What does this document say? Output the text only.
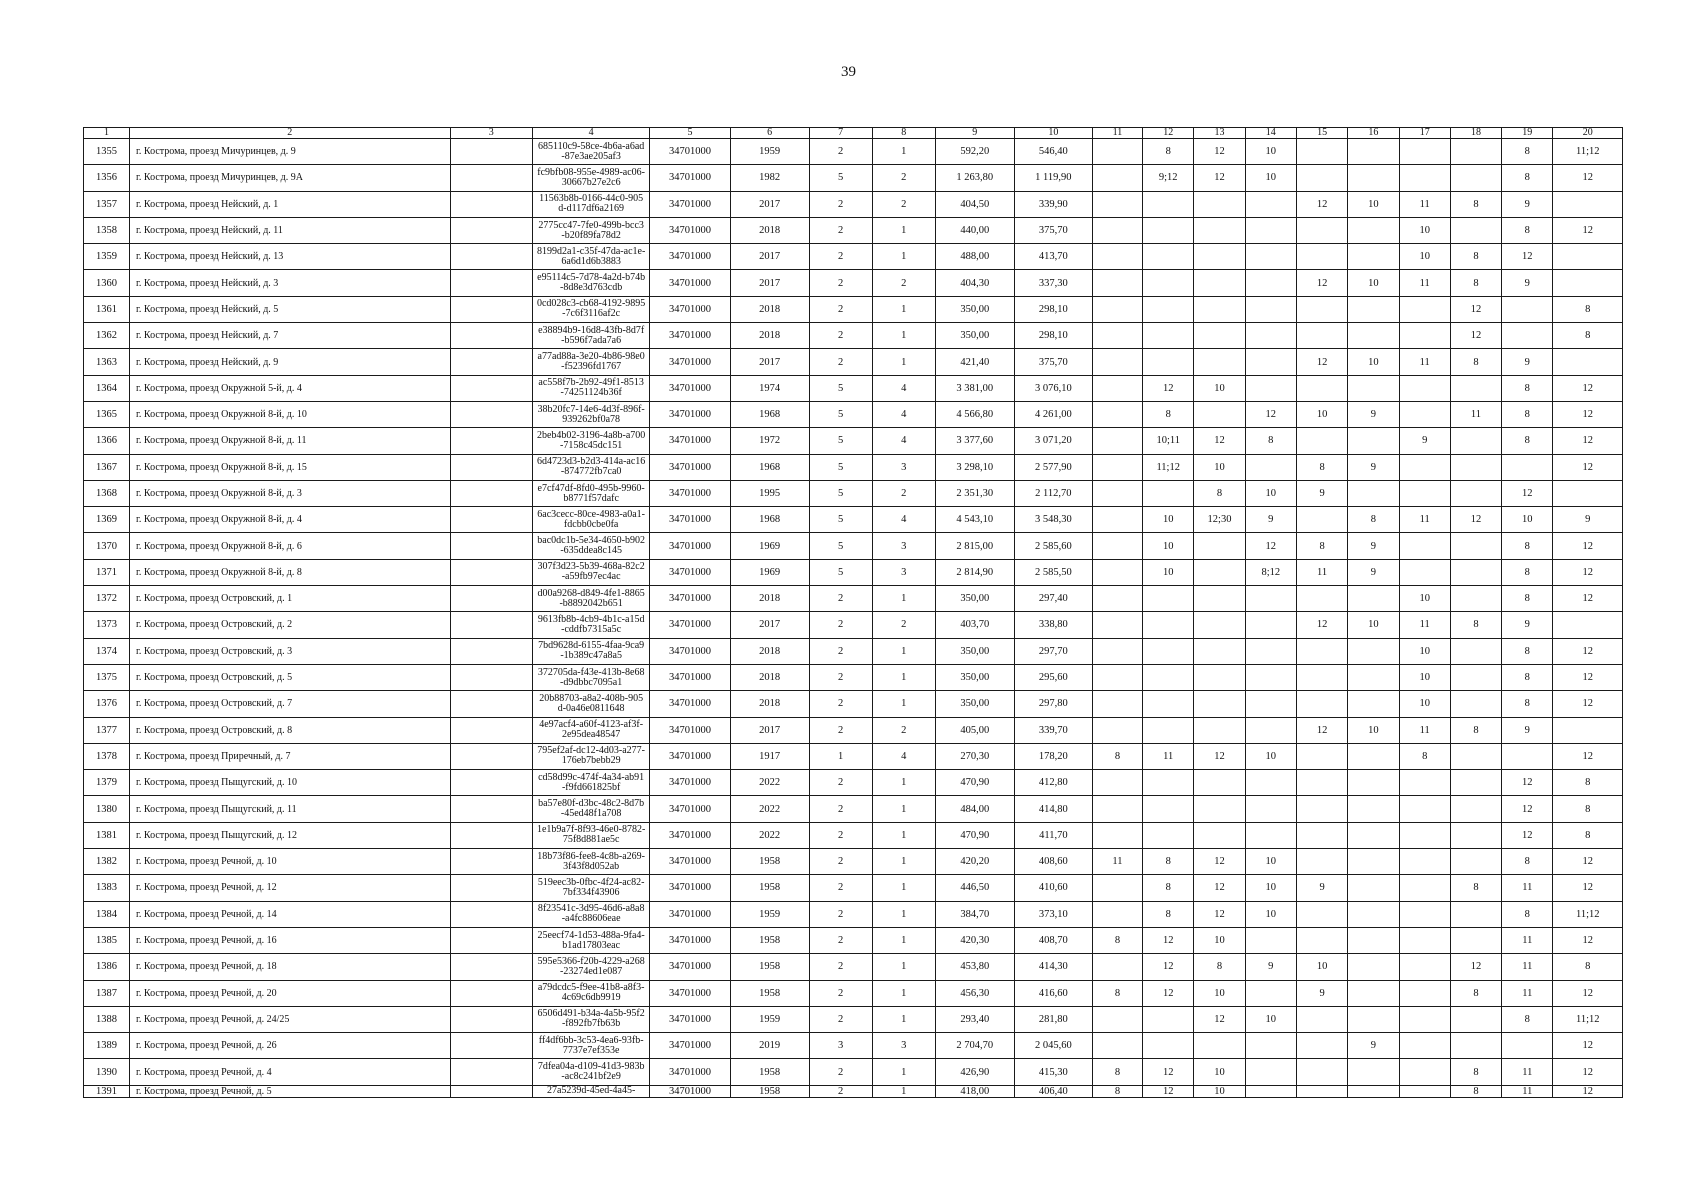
39
1	2	3	4	5	6	7	8	9	10	11	12	13	14	15	16	17	18	19	20
1355	г. Кострома, проезд Мичуринцев, д. 9		685110c9-58ce-4b6a-a6ad-87e3ae205af3	34701000	1959	2	1	592,20	546,40		8	12	10					8	11;12
1356	г. Кострома, проезд Мичуринцев, д. 9А		fc9bfb08-955e-4989-ac06-30667b27e2c6	34701000	1982	5	2	1 263,80	1 119,90		9;12	12	10					8	12
1357	г. Кострома, проезд Нейский, д. 1		11563b8b-0166-44c0-905d-d117df6a2169	34701000	2017	2	2	404,50	339,90					12	10	11	8	9	
1358	г. Кострома, проезд Нейский, д. 11		2775cc47-7fe0-499b-bcc3-b20f89fa78d2	34701000	2018	2	1	440,00	375,70							10		8	12
1359	г. Кострома, проезд Нейский, д. 13		8199d2a1-c35f-47da-ac1e-6a6d1d6b3883	34701000	2017	2	1	488,00	413,70							10	8	12	
1360	г. Кострома, проезд Нейский, д. 3		e95114c5-7d78-4a2d-b74b-8d8e3d763cdb	34701000	2017	2	2	404,30	337,30					12	10	11	8	9	
1361	г. Кострома, проезд Нейский, д. 5		0cd028c3-cb68-4192-9895-7c6f3116af2c	34701000	2018	2	1	350,00	298,10								12		8
1362	г. Кострома, проезд Нейский, д. 7		e38894b9-16d8-43fb-8d7f-b596f7ada7a6	34701000	2018	2	1	350,00	298,10								12		8
1363	г. Кострома, проезд Нейский, д. 9		a77ad88a-3e20-4b86-98e0-f52396fd1767	34701000	2017	2	1	421,40	375,70					12	10	11	8	9	
1364	г. Кострома, проезд Окружной 5-й, д. 4		ac558f7b-2b92-49f1-8513-74251124b36f	34701000	1974	5	4	3 381,00	3 076,10		12	10						8	12
1365	г. Кострома, проезд Окружной 8-й, д. 10		38b20fc7-14e6-4d3f-896f-939262bf0a78	34701000	1968	5	4	4 566,80	4 261,00		8		12	10	9		11	8	12
1366	г. Кострома, проезд Окружной 8-й, д. 11		2beb4b02-3196-4a8b-a700-7158c45dc151	34701000	1972	5	4	3 377,60	3 071,20		10;11	12	8			9		8	12
1367	г. Кострома, проезд Окружной 8-й, д. 15		6d4723d3-b2d3-414a-ac16-874772fb7ca0	34701000	1968	5	3	3 298,10	2 577,90		11;12	10		8	9				12
1368	г. Кострома, проезд Окружной 8-й, д. 3		e7cf47df-8fd0-495b-9960-b8771f57dafc	34701000	1995	5	2	2 351,30	2 112,70			8	10	9				12	
1369	г. Кострома, проезд Окружной 8-й, д. 4		6ac3cecc-80ce-4983-a0a1-fdcbb0cbe0fa	34701000	1968	5	4	4 543,10	3 548,30		10	12;30	9		8	11	12	10	9
1370	г. Кострома, проезд Окружной 8-й, д. 6		bac0dc1b-5e34-4650-b902-635ddea8c145	34701000	1969	5	3	2 815,00	2 585,60		10		12	8	9			8	12
1371	г. Кострома, проезд Окружной 8-й, д. 8		307f3d23-5b39-468a-82c2-a59fb97ec4ac	34701000	1969	5	3	2 814,90	2 585,50		10		8;12	11	9			8	12
1372	г. Кострома, проезд Островский, д. 1		d00a9268-d849-4fe1-8865-b8892042b651	34701000	2018	2	1	350,00	297,40							10		8	12
1373	г. Кострома, проезд Островский, д. 2		9613fb8b-4cb9-4b1c-a15d-cddfb7315a5c	34701000	2017	2	2	403,70	338,80					12	10	11	8	9	
1374	г. Кострома, проезд Островский, д. 3		7bd9628d-6155-4faa-9ca9-1b389c47a8a5	34701000	2018	2	1	350,00	297,70							10		8	12
1375	г. Кострома, проезд Островский, д. 5		372705da-f43e-413b-8e68-d9dbbc7095a1	34701000	2018	2	1	350,00	295,60							10		8	12
1376	г. Кострома, проезд Островский, д. 7		20b88703-a8a2-408b-905d-0a46e0811648	34701000	2018	2	1	350,00	297,80							10		8	12
1377	г. Кострома, проезд Островский, д. 8		4e97acf4-a60f-4123-af3f-2e95dea48547	34701000	2017	2	2	405,00	339,70					12	10	11	8	9	
1378	г. Кострома, проезд Приречный, д. 7		795ef2af-dc12-4d03-a277-176eb7bebb29	34701000	1917	1	4	270,30	178,20	8	11	12	10			8			12
1379	г. Кострома, проезд Пыщугский, д. 10		cd58d99c-474f-4a34-ab91-f9fd661825bf	34701000	2022	2	1	470,90	412,80									12	8
1380	г. Кострома, проезд Пыщугский, д. 11		ba57e80f-d3bc-48c2-8d7b-45ed48f1a708	34701000	2022	2	1	484,00	414,80									12	8
1381	г. Кострома, проезд Пыщугский, д. 12		1e1b9a7f-8f93-46e0-8782-75f8d881ae5c	34701000	2022	2	1	470,90	411,70									12	8
1382	г. Кострома, проезд Речной, д. 10		18b73f86-fee8-4c8b-a269-3f43f8d052ab	34701000	1958	2	1	420,20	408,60	11	8	12	10					8	12
1383	г. Кострома, проезд Речной, д. 12		519eec3b-0fbc-4f24-ac82-7bf334f43906	34701000	1958	2	1	446,50	410,60		8	12	10	9			8	11	12
1384	г. Кострома, проезд Речной, д. 14		8f23541c-3d95-46d6-a8a8-a4fc88606eae	34701000	1959	2	1	384,70	373,10		8	12	10					8	11;12
1385	г. Кострома, проезд Речной, д. 16		25eecf74-1d53-488a-9fa4-b1ad17803eac	34701000	1958	2	1	420,30	408,70	8	12	10						11	12
1386	г. Кострома, проезд Речной, д. 18		595e5366-f20b-4229-a268-23274ed1e087	34701000	1958	2	1	453,80	414,30		12	8	9	10			12	11	8
1387	г. Кострома, проезд Речной, д. 20		a79dcdc5-f9ee-41b8-a8f3-4c69c6db9919	34701000	1958	2	1	456,30	416,60	8	12	10		9			8	11	12
1388	г. Кострома, проезд Речной, д. 24/25		6506d491-b34a-4a5b-95f2-f892fb7fb63b	34701000	1959	2	1	293,40	281,80			12	10					8	11;12
1389	г. Кострома, проезд Речной, д. 26		ff4df6bb-3c53-4ea6-93fb-7737e7ef353e	34701000	2019	3	3	2 704,70	2 045,60						9				12
1390	г. Кострома, проезд Речной, д. 4		7dfea04a-d109-41d3-983b-ac8c241bf2e9	34701000	1958	2	1	426,90	415,30	8	12	10					8	11	12
1391	г. Кострома, проезд Речной, д. 5		27a5239d-45ed-4a45-	34701000	1958	2	1	418,00	406,40	8	12	10					8	11	12
